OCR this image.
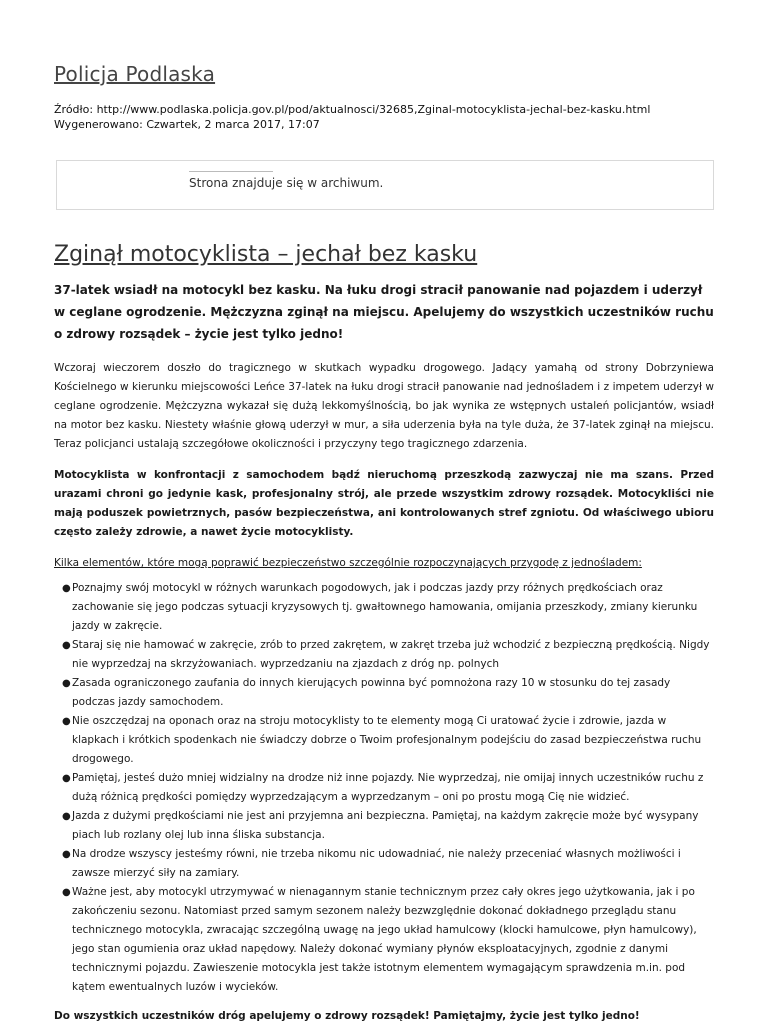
Policja Podlaska
Źródło: http://www.podlaska.policja.gov.pl/pod/aktualnosci/32685,Zginal-motocyklista-jechal-bez-kasku.html
Wygenerowano: Czwartek, 2 marca 2017, 17:07
Strona znajduje się w archiwum.
Zginął motocyklista – jechał bez kasku

37-latek wsiadł na motocykl bez kasku. Na łuku drogi stracił panowanie nad pojazdem i uderzył w ceglane ogrodzenie. Mężczyzna zginął na miejscu. Apelujemy do wszystkich uczestników ruchu o zdrowy rozsądek – życie jest tylko jedno!

Wczoraj wieczorem doszło do tragicznego w skutkach wypadku drogowego. Jadący yamahą od strony Dobrzyniewa Kościelnego w kierunku miejscowości Leńce 37-latek na łuku drogi stracił panowanie nad jednośladem i z impetem uderzył w ceglane ogrodzenie. Mężczyzna wykazał się dużą lekkomyślnością, bo jak wynika ze wstępnych ustaleń policjantów, wsiadł na motor bez kasku. Niestety właśnie głową uderzył w mur, a siła uderzenia była na tyle duża, że 37-latek zginął na miejscu. Teraz policjanci ustalają szczegółowe okoliczności i przyczyny tego tragicznego zdarzenia.

Motocyklista w konfrontacji z samochodem bądź nieruchomą przeszkodą zazwyczaj nie ma szans. Przed urazami chroni go jedynie kask, profesjonalny strój, ale przede wszystkim zdrowy rozsądek. Motocykliści nie mają poduszek powietrznych, pasów bezpieczeństwa, ani kontrolowanych stref zgniotu. Od właściwego ubioru często zależy zdrowie, a nawet życie motocyklisty.

Kilka elementów, które mogą poprawić bezpieczeństwo szczególnie rozpoczynających przygodę z jednośladem:

● Poznajmy swój motocykl w różnych warunkach pogodowych, jak i podczas jazdy przy różnych prędkościach oraz zachowanie się jego podczas sytuacji kryzysowych tj. gwałtownego hamowania, omijania przeszkody, zmiany kierunku jazdy w zakręcie.
● Staraj się nie hamować w zakręcie, zrób to przed zakrętem, w zakręt trzeba już wchodzić z bezpieczną prędkością. Nigdy nie wyprzedzaj na skrzyżowaniach. wyprzedzaniu na zjazdach z dróg np. polnych
● Zasada ograniczonego zaufania do innych kierujących powinna być pomnożona razy 10 w stosunku do tej zasady podczas jazdy samochodem.
● Nie oszczędzaj na oponach oraz na stroju motocyklisty to te elementy mogą Ci uratować życie i zdrowie, jazda w klapkach i krótkich spodenkach nie świadczy dobrze o Twoim profesjonalnym podejściu do zasad bezpieczeństwa ruchu drogowego.
● Pamiętaj, jesteś dużo mniej widzialny na drodze niż inne pojazdy. Nie wyprzedzaj, nie omijaj innych uczestników ruchu z dużą różnicą prędkości pomiędzy wyprzedzającym a wyprzedzanym – oni po prostu mogą Cię nie widzieć.
● Jazda z dużymi prędkościami nie jest ani przyjemna ani bezpieczna. Pamiętaj, na każdym zakręcie może być wysypany piach lub rozlany olej lub inna śliska substancja.
● Na drodze wszyscy jesteśmy równi, nie trzeba nikomu nic udowadniać, nie należy przeceniać własnych możliwości i zawsze mierzyć siły na zamiary.
● Ważne jest, aby motocykl utrzymywać w nienagannym stanie technicznym przez cały okres jego użytkowania, jak i po zakończeniu sezonu. Natomiast przed samym sezonem należy bezwzględnie dokonać dokładnego przeglądu stanu technicznego motocykla, zwracając szczególną uwagę na jego układ hamulcowy (klocki hamulcowe, płyn hamulcowy), jego stan ogumienia oraz układ napędowy. Należy dokonać wymiany płynów eksploatacyjnych, zgodnie z danymi technicznymi pojazdu. Zawieszenie motocykla jest także istotnym elementem wymagającym sprawdzenia m.in. pod kątem ewentualnych luzów i wycieków.

Do wszystkich uczestników dróg apelujemy o zdrowy rozsądek! Pamiętajmy, życie jest tylko jedno!
